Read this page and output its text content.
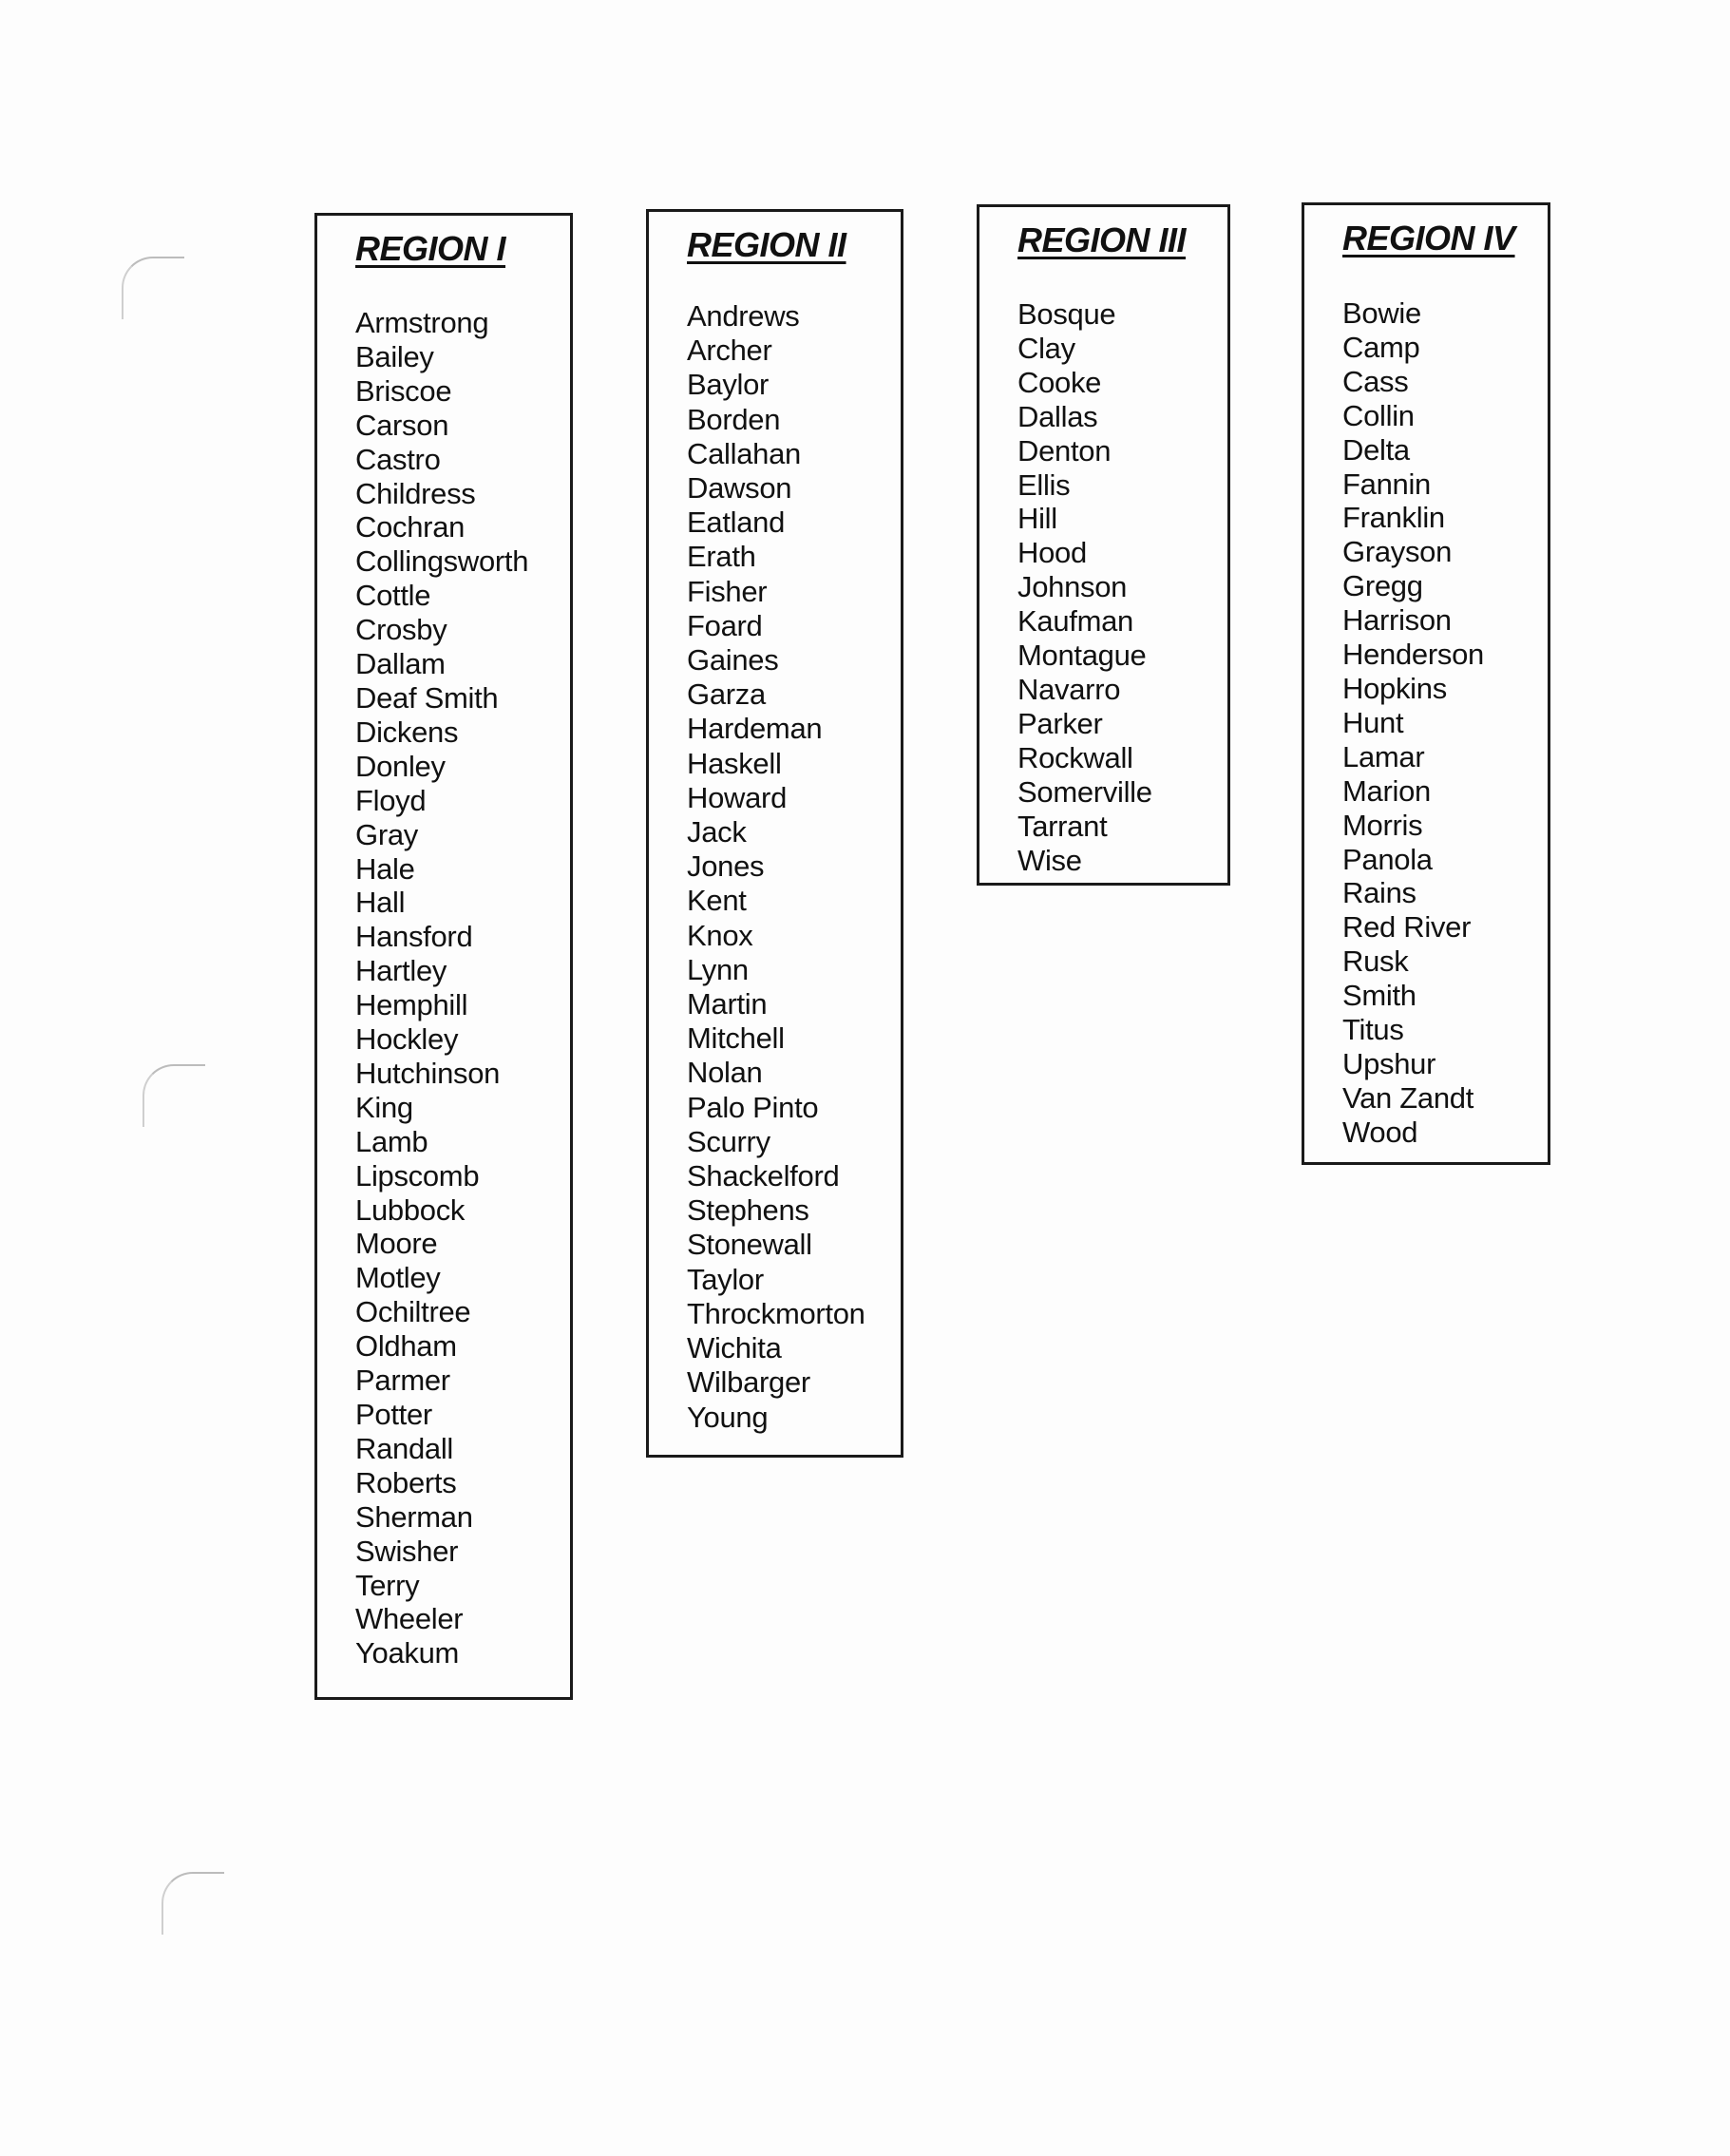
REGION I
Armstrong
Bailey
Briscoe
Carson
Castro
Childress
Cochran
Collingsworth
Cottle
Crosby
Dallam
Deaf Smith
Dickens
Donley
Floyd
Gray
Hale
Hall
Hansford
Hartley
Hemphill
Hockley
Hutchinson
King
Lamb
Lipscomb
Lubbock
Moore
Motley
Ochiltree
Oldham
Parmer
Potter
Randall
Roberts
Sherman
Swisher
Terry
Wheeler
Yoakum
REGION II
Andrews
Archer
Baylor
Borden
Callahan
Dawson
Eatland
Erath
Fisher
Foard
Gaines
Garza
Hardeman
Haskell
Howard
Jack
Jones
Kent
Knox
Lynn
Martin
Mitchell
Nolan
Palo Pinto
Scurry
Shackelford
Stephens
Stonewall
Taylor
Throckmorton
Wichita
Wilbarger
Young
REGION III
Bosque
Clay
Cooke
Dallas
Denton
Ellis
Hill
Hood
Johnson
Kaufman
Montague
Navarro
Parker
Rockwall
Somerville
Tarrant
Wise
REGION IV
Bowie
Camp
Cass
Collin
Delta
Fannin
Franklin
Grayson
Gregg
Harrison
Henderson
Hopkins
Hunt
Lamar
Marion
Morris
Panola
Rains
Red River
Rusk
Smith
Titus
Upshur
Van Zandt
Wood
